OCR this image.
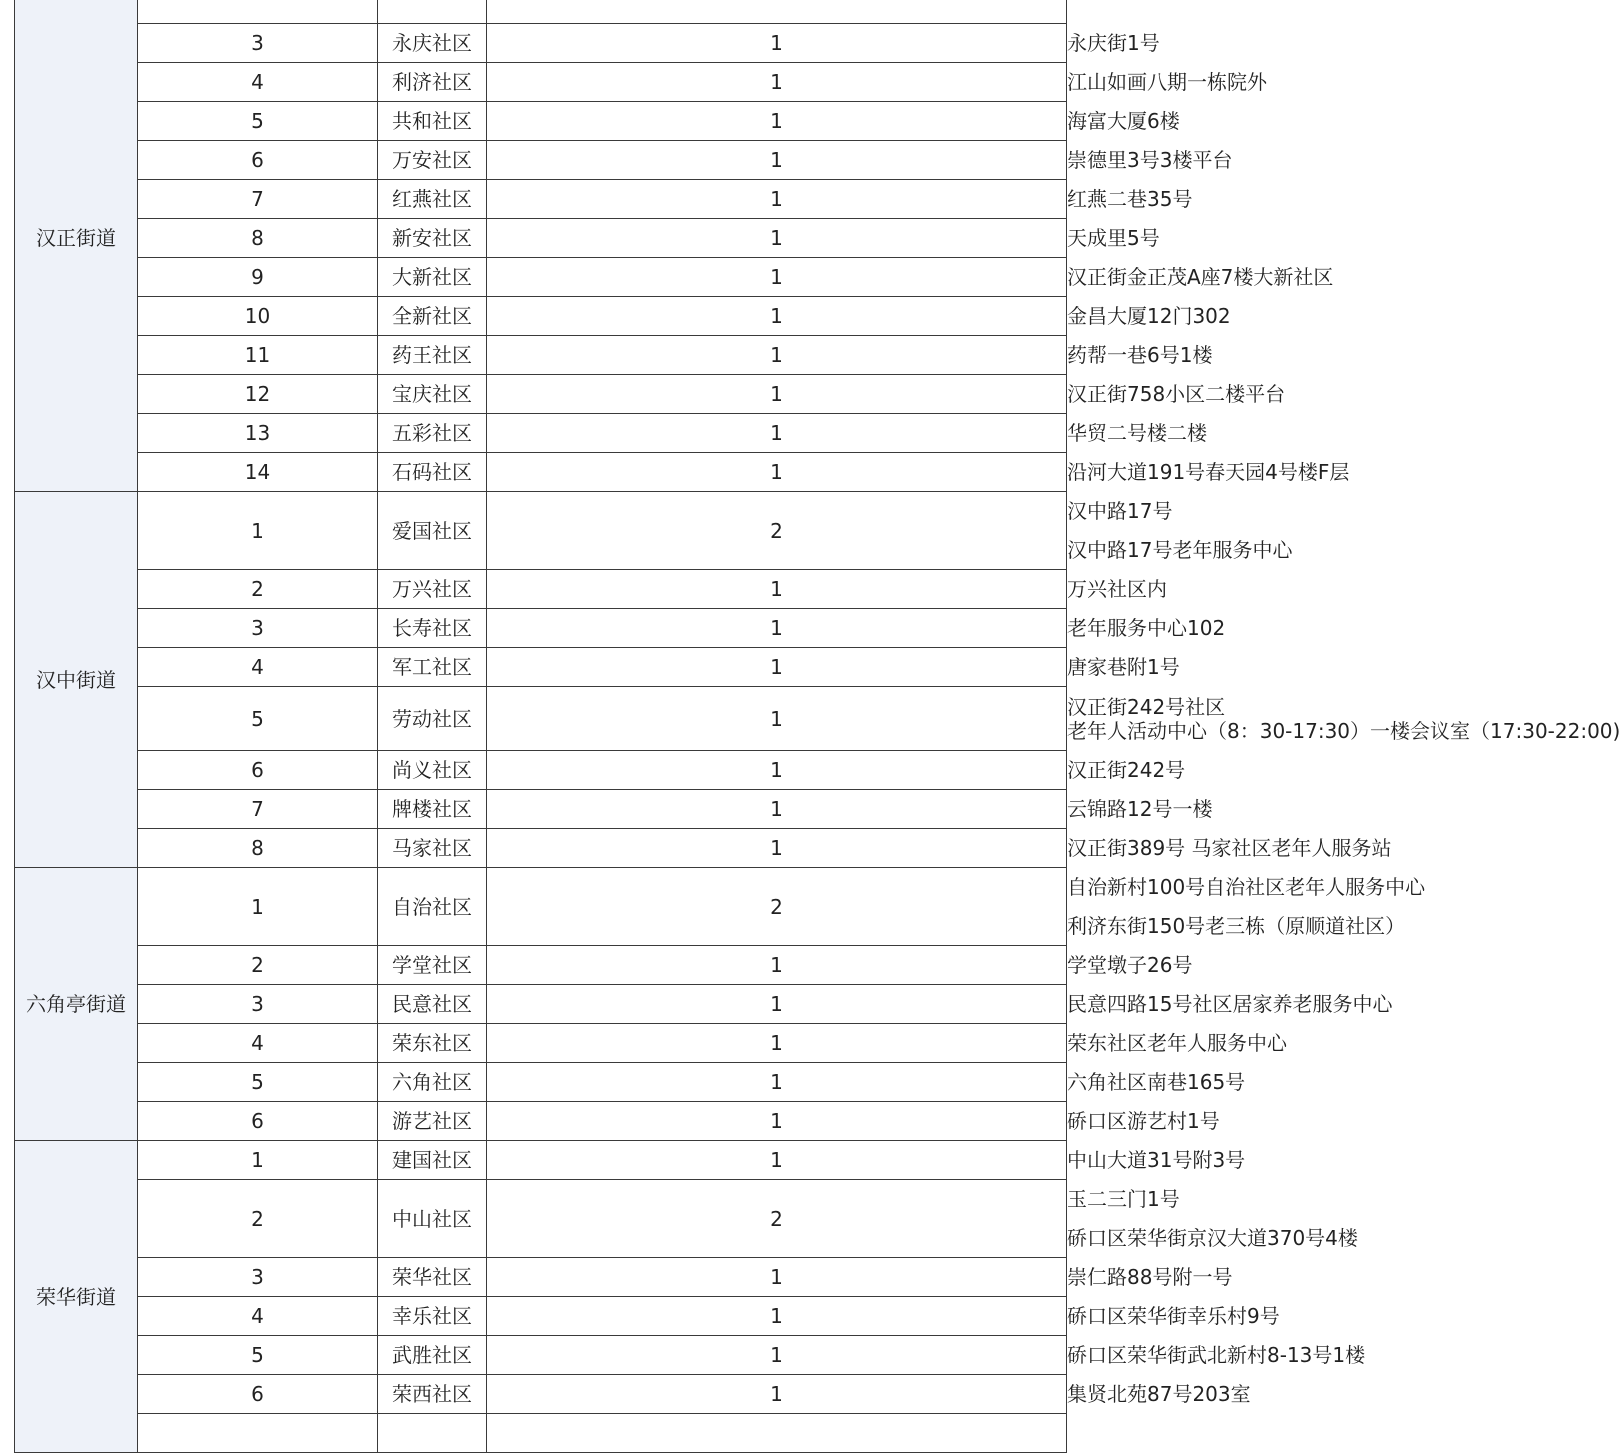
汉正街道				
	3	永庆社区	1	永庆街1号
	4	利济社区	1	江山如画八期一栋院外
	5	共和社区	1	海富大厦6楼
	6	万安社区	1	崇德里3号3楼平台
	7	红燕社区	1	红燕二巷35号
	8	新安社区	1	天成里5号
	9	大新社区	1	汉正街金正茂A座7楼大新社区
	10	全新社区	1	金昌大厦12门302
	11	药王社区	1	药帮一巷6号1楼
	12	宝庆社区	1	汉正街758小区二楼平台
	13	五彩社区	1	华贸二号楼二楼
	14	石码社区	1	沿河大道191号春天园4号楼F层
汉中街道	1	爱国社区	2	汉中路17号
				汉中路17号老年服务中心
	2	万兴社区	1	万兴社区内
	3	长寿社区	1	老年服务中心102
	4	军工社区	1	唐家巷附1号
	5	劳动社区	1	汉正街242号社区
老年人活动中心（8：30-17:30）一楼会议室（17:30-22:00)

	6	尚义社区	1	汉正街242号
	7	牌楼社区	1	云锦路12号一楼
	8	马家社区	1	汉正街389号 马家社区老年人服务站
六角亭街道	1	自治社区	2	自治新村100号自治社区老年人服务中心
				利济东街150号老三栋（原顺道社区）
	2	学堂社区	1	学堂墩子26号
	3	民意社区	1	民意四路15号社区居家养老服务中心
	4	荣东社区	1	荣东社区老年人服务中心
	5	六角社区	1	六角社区南巷165号
	6	游艺社区	1	硚口区游艺村1号
荣华街道	1	建国社区	1	中山大道31号附3号
	2	中山社区	2	玉二三门1号
				硚口区荣华街京汉大道370号4楼
	3	荣华社区	1	崇仁路88号附一号
	4	幸乐社区	1	硚口区荣华街幸乐村9号
	5	武胜社区	1	硚口区荣华街武北新村8-13号1楼
	6	荣西社区	1	集贤北苑87号203室
